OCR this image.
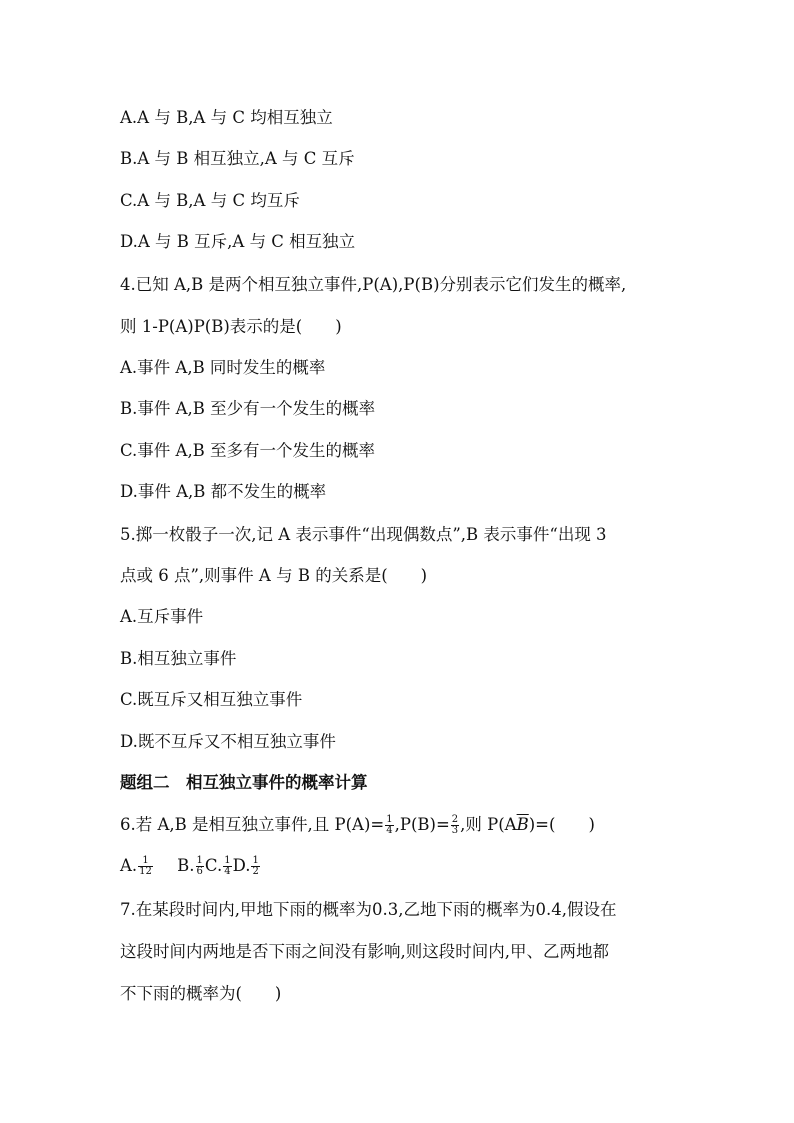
A.A 与 B,A 与 C 均相互独立
B.A 与 B 相互独立,A 与 C 互斥
C.A 与 B,A 与 C 均互斥
D.A 与 B 互斥,A 与 C 相互独立
4.已知 A,B 是两个相互独立事件,P(A),P(B)分别表示它们发生的概率,
则 1-P(A)P(B)表示的是(　　)
A.事件 A,B 同时发生的概率
B.事件 A,B 至少有一个发生的概率
C.事件 A,B 至多有一个发生的概率
D.事件 A,B 都不发生的概率
5.掷一枚骰子一次,记 A 表示事件“出现偶数点”,B 表示事件“出现 3
点或 6 点”,则事件 A 与 B 的关系是(　　)
A.互斥事件
B.相互独立事件
C.既互斥又相互独立事件
D.既不互斥又不相互独立事件
题组二　相互独立事件的概率计算
6.若 A,B 是相互独立事件,且 $P(A)= \frac{1}{4} ,P(B)= \frac{2}{3}$ ,则 $P(A\overline{B})=$(　　)
A. $\frac{1}{12} B$. $\frac{1}{6} C$. $\frac{1}{4} D$. $\frac{1}{2}$
7.在某段时间内,甲地下雨的概率为0.3,乙地下雨的概率为0.4,假设在
这段时间内两地是否下雨之间没有影响,则这段时间内,甲、乙两地都
不下雨的概率为(　　)
